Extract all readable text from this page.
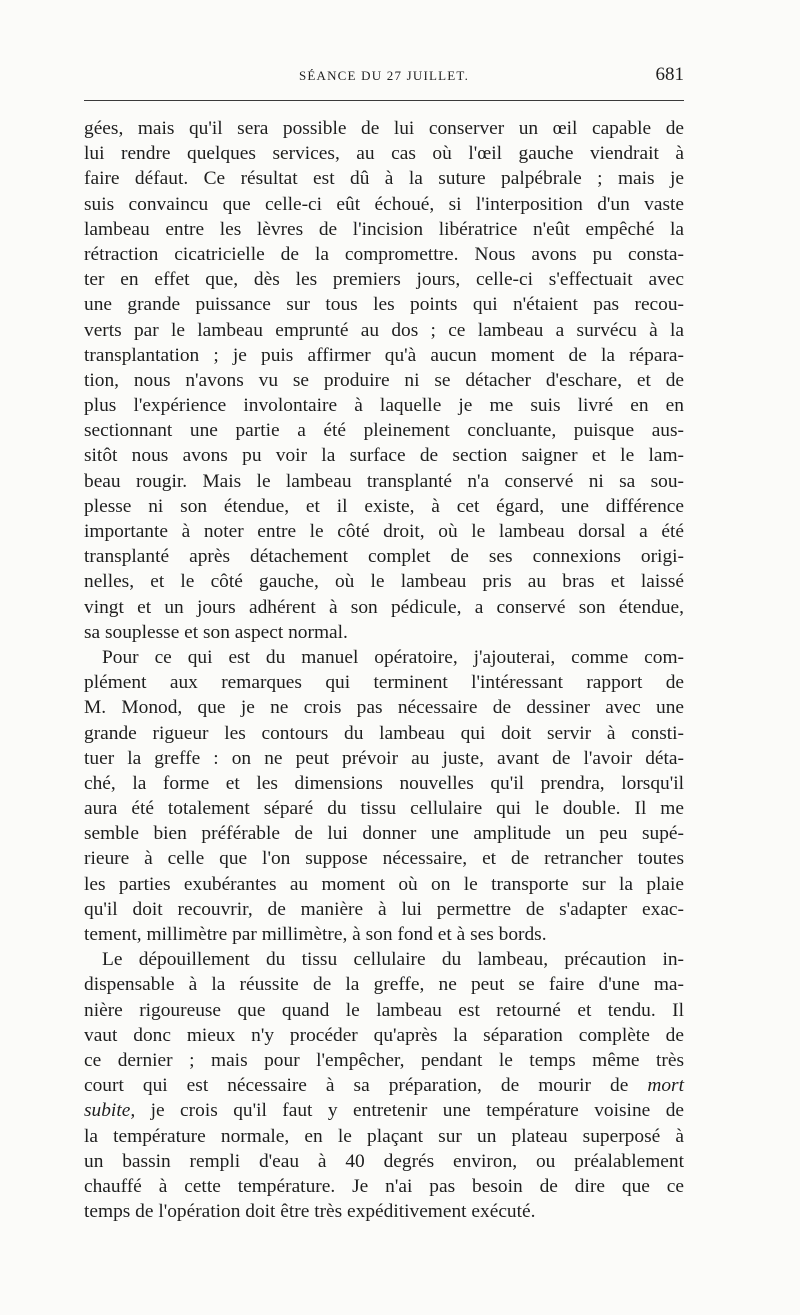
SÉANCE DU 27 JUILLET.	681
gées, mais qu'il sera possible de lui conserver un œil capable de
lui rendre quelques services, au cas où l'œil gauche viendrait à
faire défaut. Ce résultat est dû à la suture palpébrale ; mais je
suis convaincu que celle-ci eût échoué, si l'interposition d'un vaste
lambeau entre les lèvres de l'incision libératrice n'eût empêché la
rétraction cicatricielle de la compromettre. Nous avons pu consta-
ter en effet que, dès les premiers jours, celle-ci s'effectuait avec
une grande puissance sur tous les points qui n'étaient pas recou-
verts par le lambeau emprunté au dos ; ce lambeau a survécu à la
transplantation ; je puis affirmer qu'à aucun moment de la répara-
tion, nous n'avons vu se produire ni se détacher d'eschare, et de
plus l'expérience involontaire à laquelle je me suis livré en en
sectionnant une partie a été pleinement concluante, puisque aus-
sitôt nous avons pu voir la surface de section saigner et le lam-
beau rougir. Mais le lambeau transplanté n'a conservé ni sa sou-
plesse ni son étendue, et il existe, à cet égard, une différence
importante à noter entre le côté droit, où le lambeau dorsal a été
transplanté après détachement complet de ses connexions origi-
nelles, et le côté gauche, où le lambeau pris au bras et laissé
vingt et un jours adhérent à son pédicule, a conservé son étendue,
sa souplesse et son aspect normal.
Pour ce qui est du manuel opératoire, j'ajouterai, comme com-
plément aux remarques qui terminent l'intéressant rapport de
M. Monod, que je ne crois pas nécessaire de dessiner avec une
grande rigueur les contours du lambeau qui doit servir à consti-
tuer la greffe : on ne peut prévoir au juste, avant de l'avoir déta-
ché, la forme et les dimensions nouvelles qu'il prendra, lorsqu'il
aura été totalement séparé du tissu cellulaire qui le double. Il me
semble bien préférable de lui donner une amplitude un peu supé-
rieure à celle que l'on suppose nécessaire, et de retrancher toutes
les parties exubérantes au moment où on le transporte sur la plaie
qu'il doit recouvrir, de manière à lui permettre de s'adapter exac-
tement, millimètre par millimètre, à son fond et à ses bords.
Le dépouillement du tissu cellulaire du lambeau, précaution in-
dispensable à la réussite de la greffe, ne peut se faire d'une ma-
nière rigoureuse que quand le lambeau est retourné et tendu. Il
vaut donc mieux n'y procéder qu'après la séparation complète de
ce dernier ; mais pour l'empêcher, pendant le temps même très
court qui est nécessaire à sa préparation, de mourir de mort
subite, je crois qu'il faut y entretenir une température voisine de
la température normale, en le plaçant sur un plateau superposé à
un bassin rempli d'eau à 40 degrés environ, ou préalablement
chauffé à cette température. Je n'ai pas besoin de dire que ce
temps de l'opération doit être très expéditivement exécuté.
